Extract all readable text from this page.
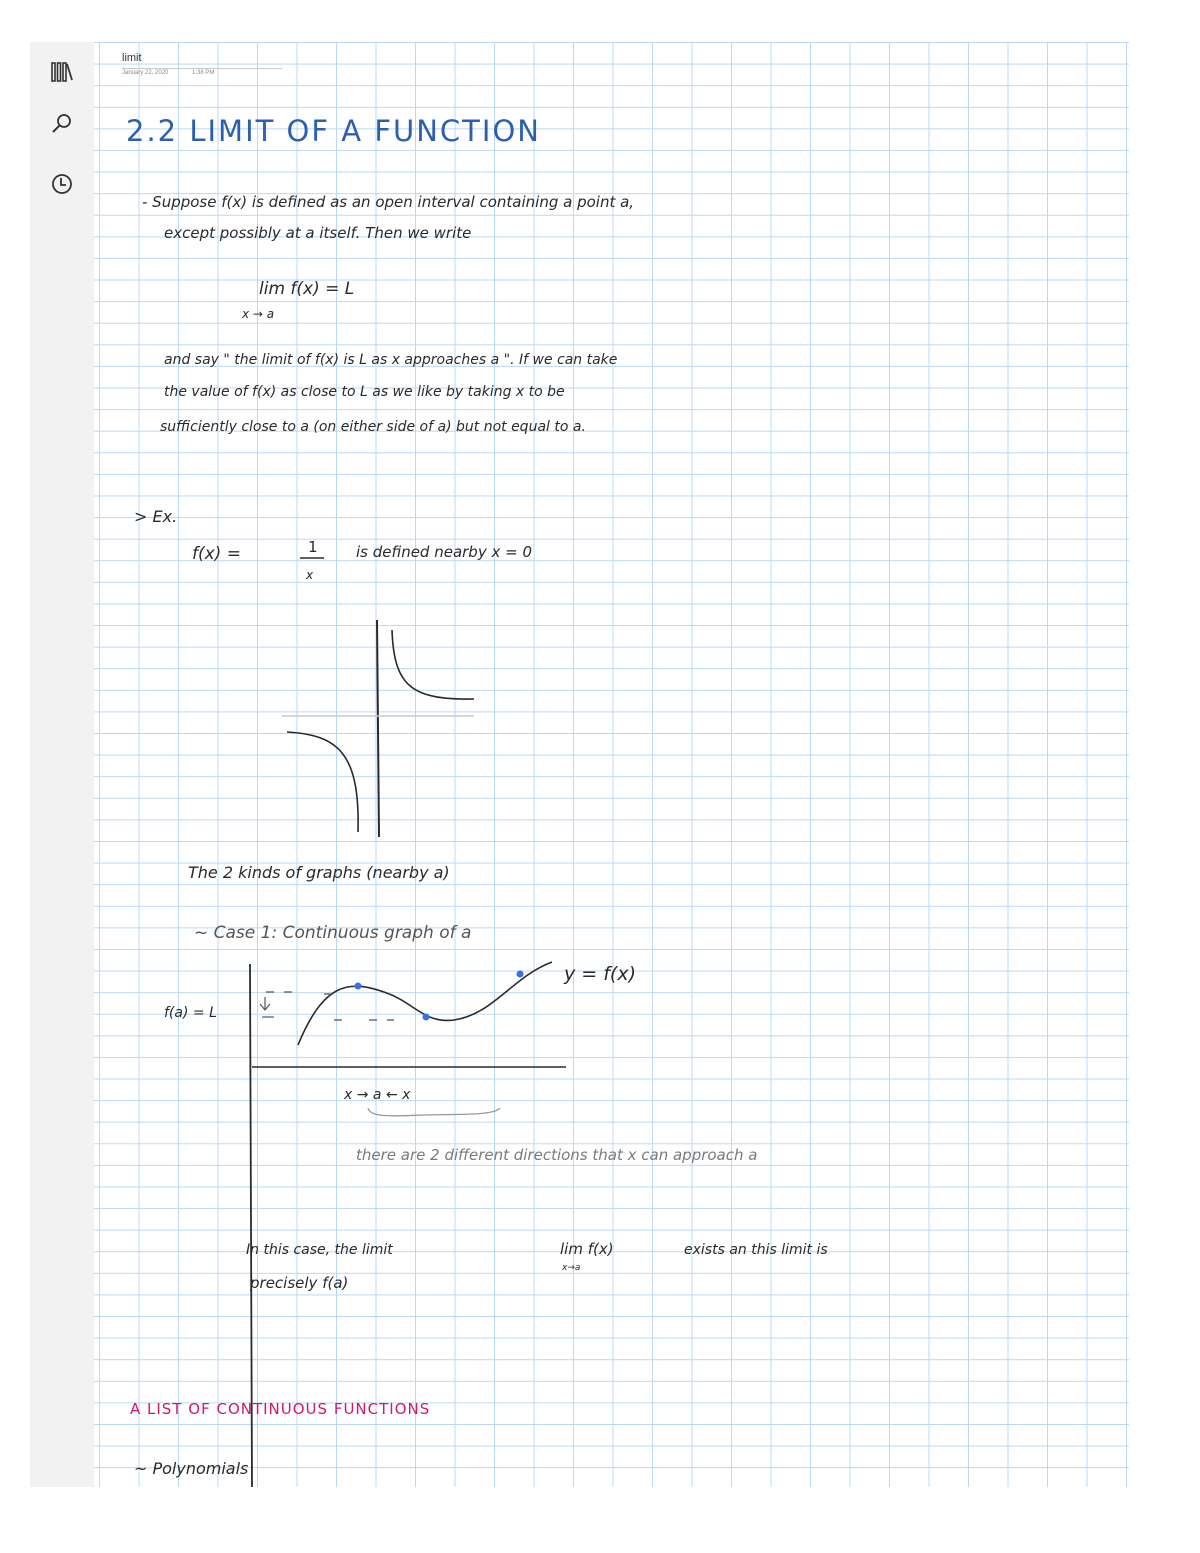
limit
January 22, 2020	1:38 PM
2.2 LIMIT OF A FUNCTION
- Suppose f(x) is defined as an open interval containing a point a,
except possibly at a itself. Then we write
lim f(x) = L
x → a
and say " the limit of f(x) is L as x approaches a ". If we can take
the value of f(x) as close to L as we like by taking x to be
sufficiently close to a (on either side of a) but not equal to a.
> Ex.
f(x) =	1
x
is defined nearby x = 0
The 2 kinds of graphs (nearby a)
~ Case 1: Continuous graph of a
y = f(x)
f(a) = L
x → a ← x
there are 2 different directions that x can approach a
In this case, the limit	lim f(x)
x→a
exists an this limit is
precisely f(a)
A LIST OF CONTINUOUS FUNCTIONS
~ Polynomials
